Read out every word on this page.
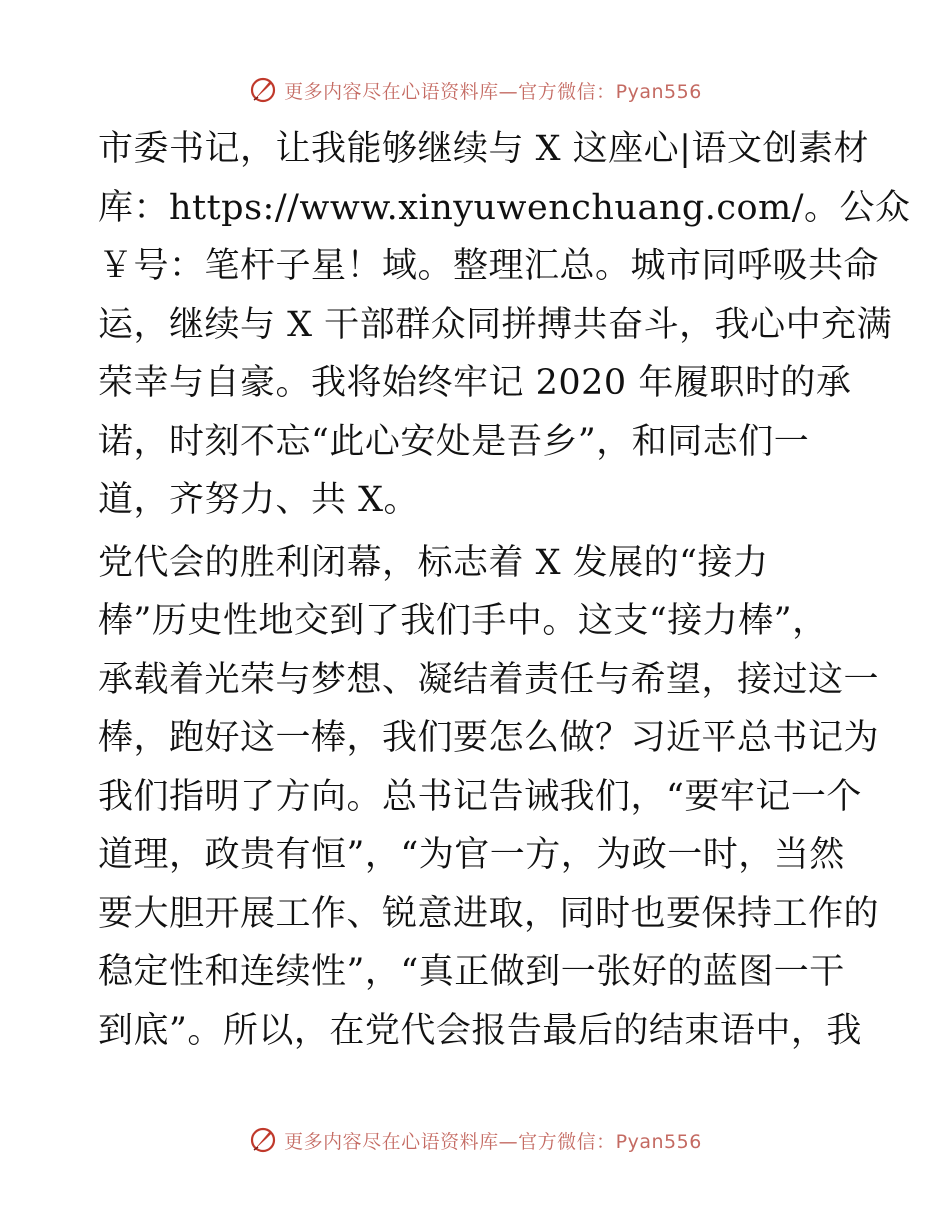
更多内容尽在心语资料库—官方微信：Pyan556
市委书记，让我能够继续与 X 这座心|语文创素材
库：https://www.xinyuwenchuang.com/。公众
￥号：笔杆子星！域。整理汇总。城市同呼吸共命
运，继续与 X 干部群众同拼搏共奋斗，我心中充满
荣幸与自豪。我将始终牢记 2020 年履职时的承
诺，时刻不忘“此心安处是吾乡”，和同志们一
道，齐努力、共 X。
党代会的胜利闭幕，标志着 X 发展的“接力
棒”历史性地交到了我们手中。这支“接力棒”，
承载着光荣与梦想、凝结着责任与希望，接过这一
棒，跑好这一棒，我们要怎么做？习近平总书记为
我们指明了方向。总书记告诫我们，“要牢记一个
道理，政贵有恒”，“为官一方，为政一时，当然
要大胆开展工作、锐意进取，同时也要保持工作的
稳定性和连续性”，“真正做到一张好的蓝图一干
到底”。所以，在党代会报告最后的结束语中，我
更多内容尽在心语资料库—官方微信：Pyan556
